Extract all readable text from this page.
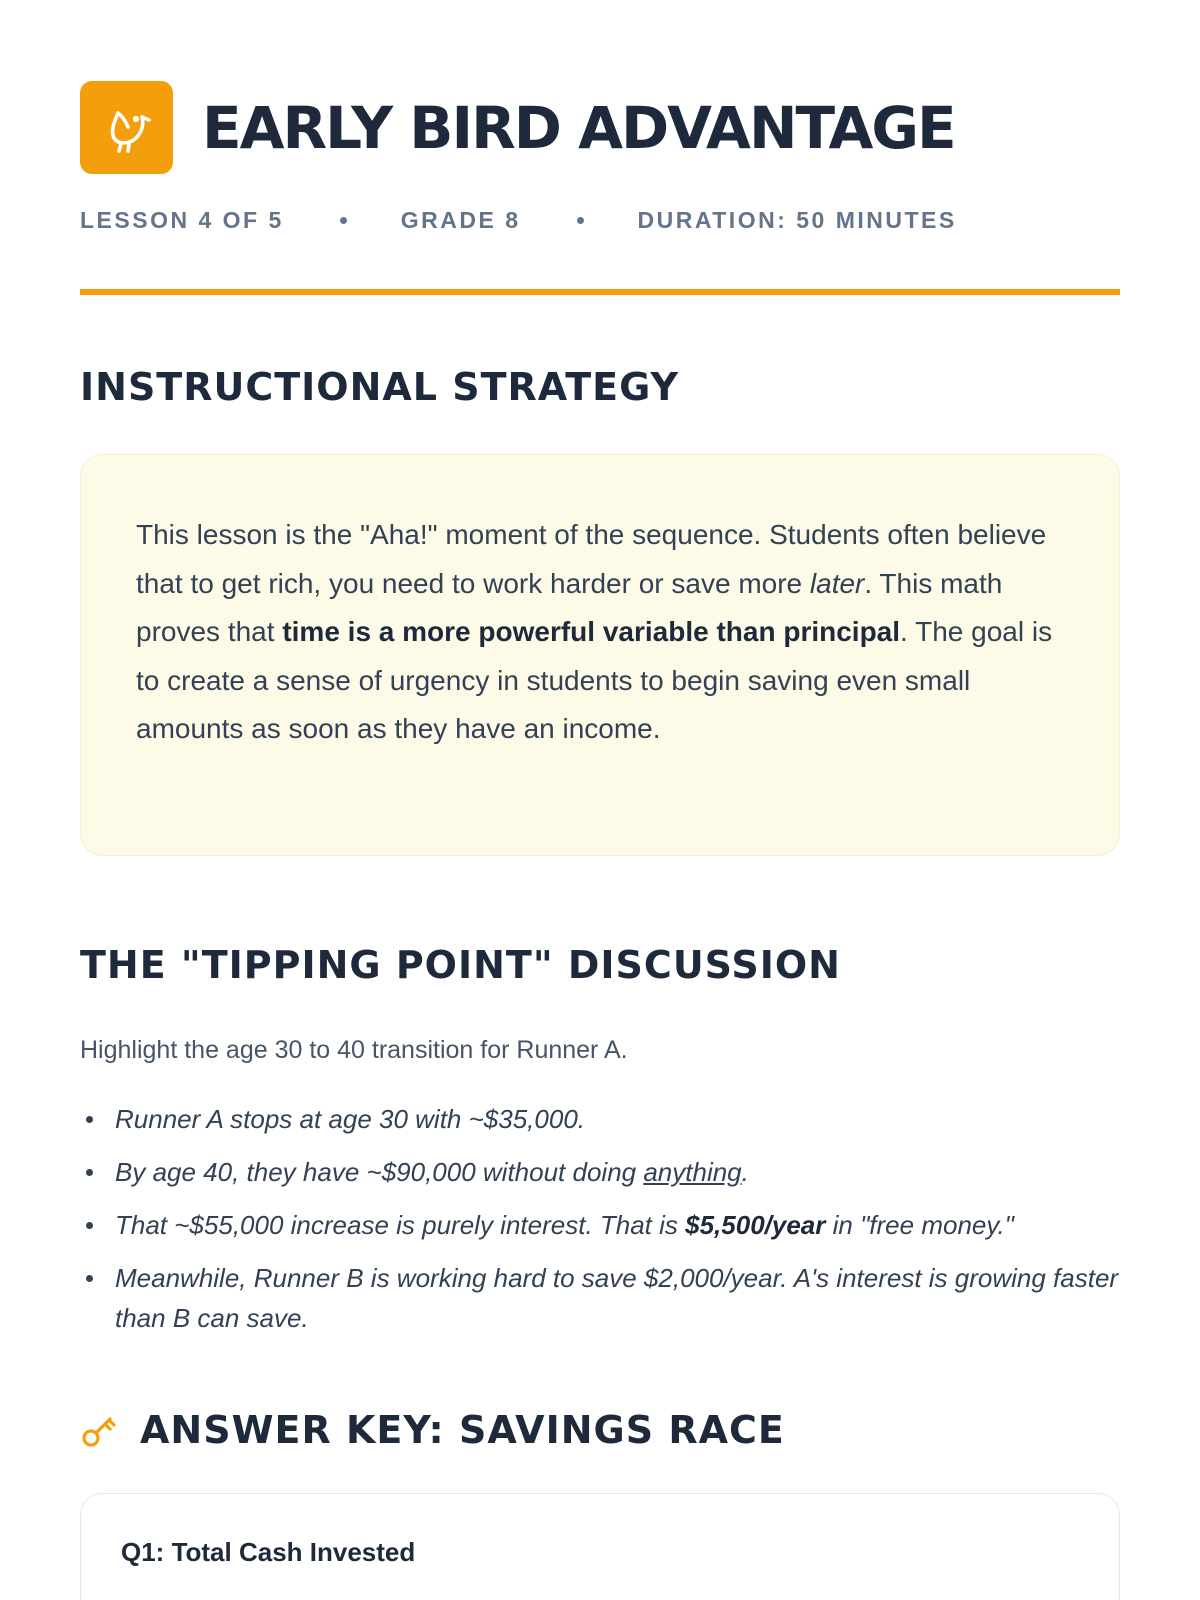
EARLY BIRD ADVANTAGE
LESSON 4 OF 5	GRADE 8	DURATION: 50 MINUTES
INSTRUCTIONAL STRATEGY

This lesson is the "Aha!" moment of the sequence. Students often believe that to get rich, you need to work harder or save more later. This math proves that time is a more powerful variable than principal. The goal is to create a sense of urgency in students to begin saving even small amounts as soon as they have an income.

THE "TIPPING POINT" DISCUSSION

Highlight the age 30 to 40 transition for Runner A.

Runner A stops at age 30 with ~$35,000.
By age 40, they have ~$90,000 without doing anything.
That ~$55,000 increase is purely interest. That is $5,500/year in "free money."
Meanwhile, Runner B is working hard to save $2,000/year. A's interest is growing faster than B can save.
ANSWER KEY: SAVINGS RACE
Q1: Total Cash Invested
